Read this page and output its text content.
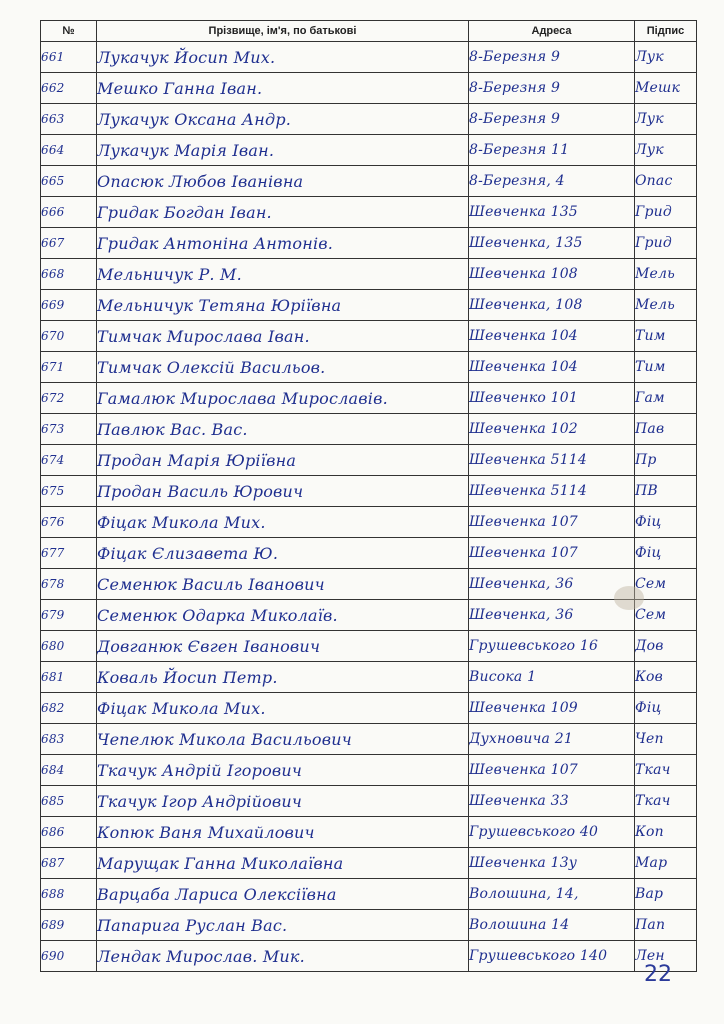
№	Прізвище, ім'я, по батькові	Адреса	Підпис
661	Лукачук Йосип Мих.	8-Березня 9	Лук
662	Мешко Ганна Іван.	8-Березня 9	Мешк
663	Лукачук Оксана Андр.	8-Березня 9	Лук
664	Лукачук Марія Іван.	8-Березня 11	Лук
665	Опасюк Любов Іванівна	8-Березня, 4	Опас
666	Гридак Богдан Іван.	Шевченка 135	Грид
667	Гридак Антоніна Антонів.	Шевченка, 135	Грид
668	Мельничук Р. М.	Шевченка 108	Мель
669	Мельничук Тетяна Юріївна	Шевченка, 108	Мель
670	Тимчак Мирослава Іван.	Шевченка 104	Тим
671	Тимчак Олексій Васильов.	Шевченка 104	Тим
672	Гамалюк Мирослава Мирославів.	Шевченко 101	Гам
673	Павлюк Вас. Вас.	Шевченка 102	Пав
674	Продан Марія Юріївна	Шевченка 5114	Пр
675	Продан Василь Юрович	Шевченка 5114	ПВ
676	Фіцак Микола Мих.	Шевченка 107	Фіц
677	Фіцак Єлизавета Ю.	Шевченка 107	Фіц
678	Семенюк Василь Іванович	Шевченка, 36	Сем
679	Семенюк Одарка Миколаїв.	Шевченка, 36	Сем
680	Довганюк Євген Іванович	Грушевського 16	Дов
681	Коваль Йосип Петр.	Висока 1	Ков
682	Фіцак Микола Мих.	Шевченка 109	Фіц
683	Чепелюк Микола Васильович	Духновича 21	Чеп
684	Ткачук Андрій Ігорович	Шевченка 107	Ткач
685	Ткачук Ігор Андрійович	Шевченка 33	Ткач
686	Копюк Ваня Михайлович	Грушевського 40	Коп
687	Марущак Ганна Миколаївна	Шевченка 13у	Мар
688	Варцаба Лариса Олексіївна	Волошина, 14,	Вар
689	Папарига Руслан Вас.	Волошина 14	Пап
690	Лендак Мирослав. Мик.	Грушевського 140	Лен
22
